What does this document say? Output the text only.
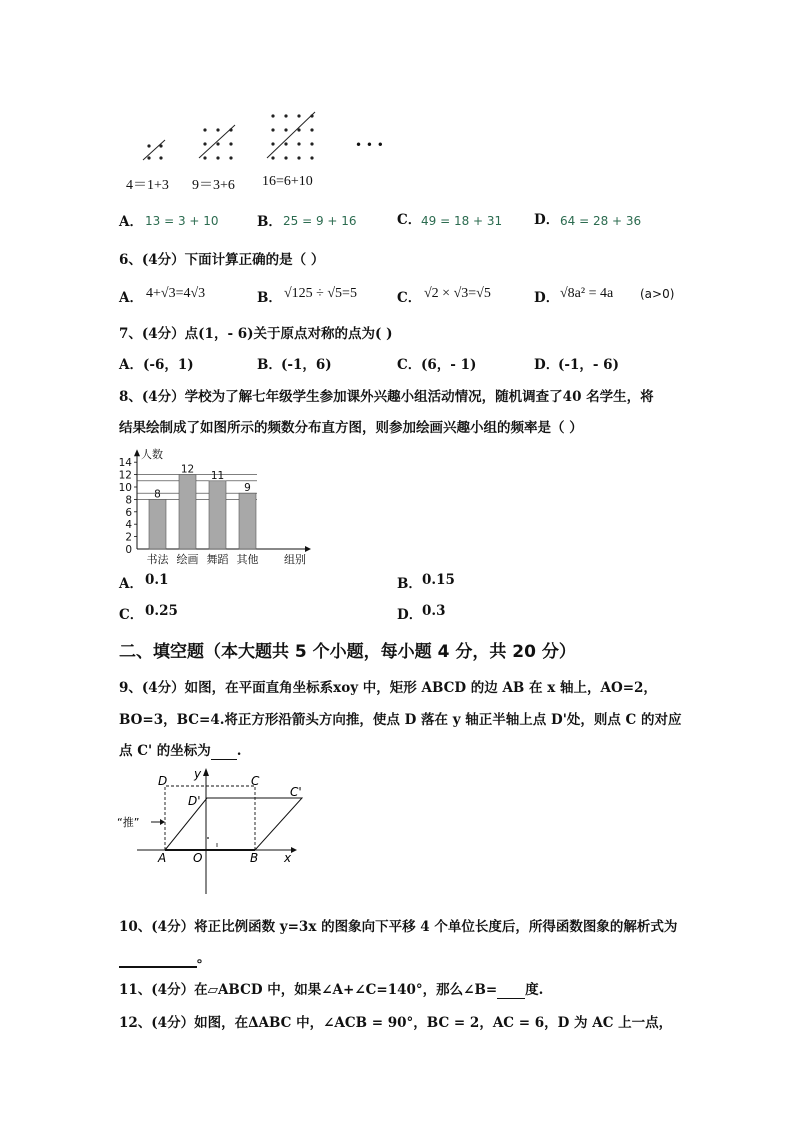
• • •
4＝1+3 9＝3+6 16=6+10
A． 13 = 3 + 10	B． 25 = 9 + 16	C． 49 = 18 + 31 D． 64 = 28 + 36
6、(4分）下面计算正确的是（ ）
A． 4+√3=4√3	B． √125 ÷ √5=5	C． √2 × √3=√5	D． √8a² = 4a (a>0)
7、(4分）点(1，- 6)关于原点对称的点为( )
A． (-6，1)	B． (-1，6)	C． (6，- 1)	D．
(-1，- 6)
8、(4分）学校为了解七年级学生参加课外兴趣小组活动情况，随机调查了40 名学生，将
结果绘制成了如图所示的频数分布直方图，则参加绘画兴趣小组的频率是（ ）
0
2
4
6
8
10
12
14
8
书法
12
绘画
11
舞蹈
9
其他
人数
组别
A． 0.1	B． 0.15
C． 0.25	D． 0.3
二、填空题（本大题共 5 个小题，每小题 4 分，共 20 分）
9、(4分）如图，在平面直角坐标系xoy 中，矩形 ABCD 的边 AB 在 x 轴上，AO=2，
BO=3，BC=4.将正方形沿箭头方向推，使点 D 落在 y 轴正半轴上点 D'处，则点 C 的对应
点 C' 的坐标为 .
D	C
D'
C'
A O	B x
y
“推”
10、(4分）将正比例函数 y=3x 的图象向下平移 4 个单位长度后，所得函数图象的解析式为
。
11、(4分）在▱ABCD 中，如果∠A+∠C=140°，那么∠B= 度.
12、(4分）如图，在ΔABC 中，∠ACB = 90°，BC = 2，AC = 6，D 为 AC 上一点，
